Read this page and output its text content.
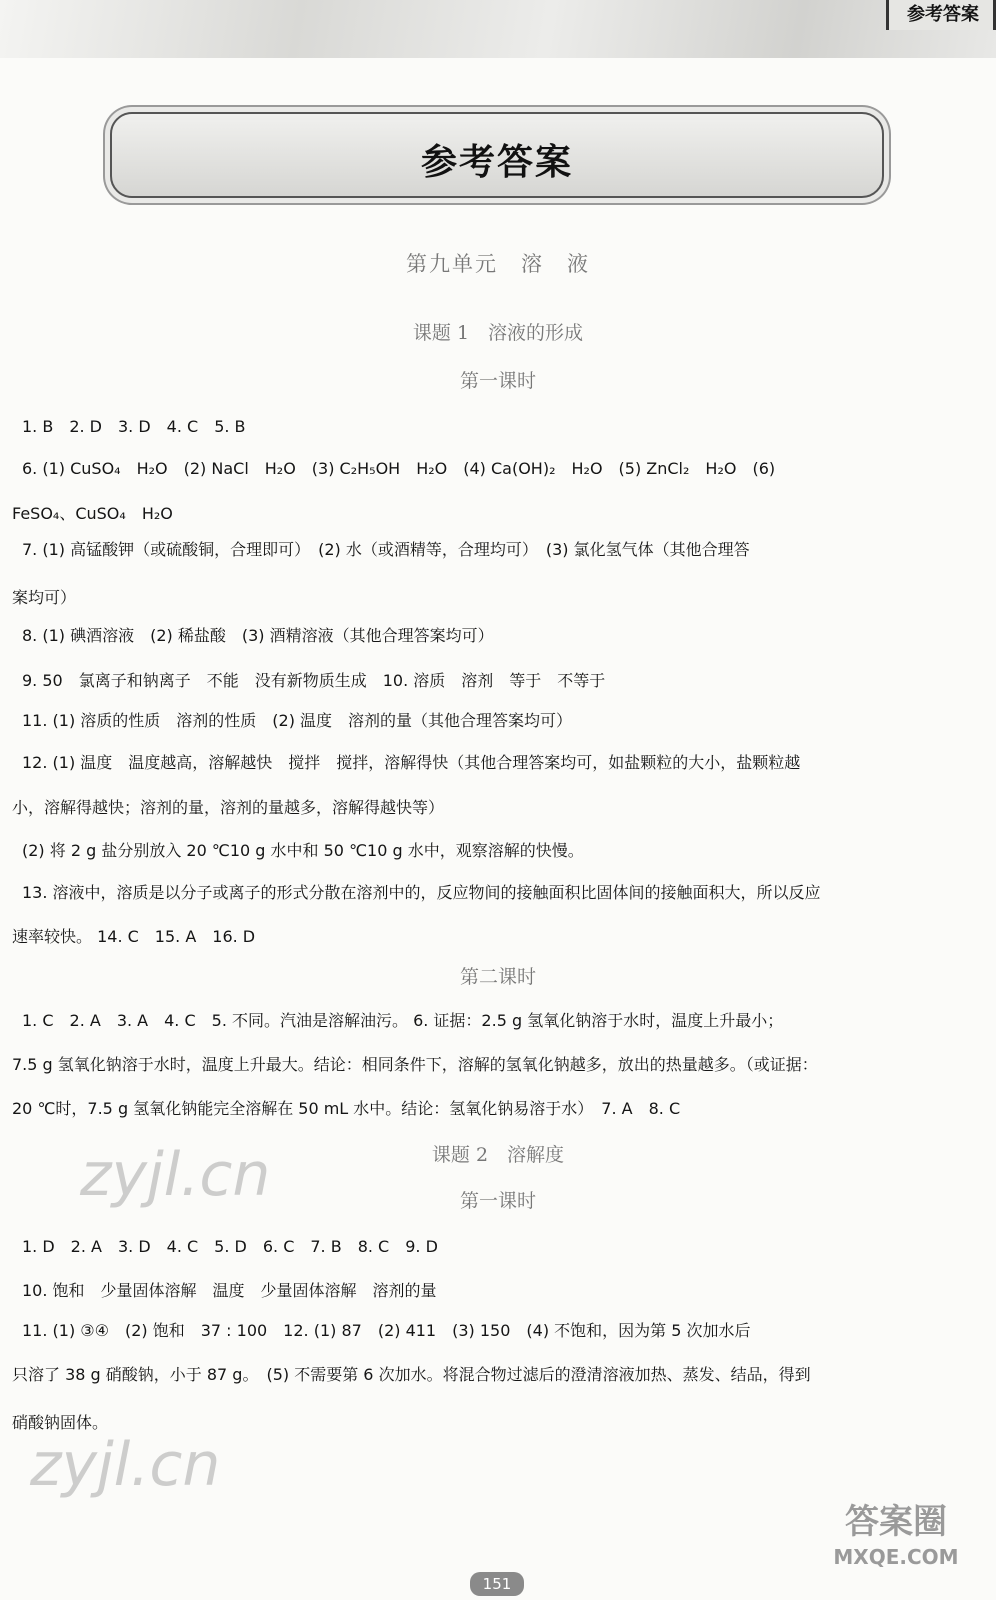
参考答案
参考答案
第九单元　溶　液
课题 1　溶液的形成
第一课时
1. B　2. D　3. D　4. C　5. B
6. (1) CuSO₄　H₂O　(2) NaCl　H₂O　(3) C₂H₅OH　H₂O　(4) Ca(OH)₂　H₂O　(5) ZnCl₂　H₂O　(6)
FeSO₄、CuSO₄　H₂O
7. (1) 高锰酸钾（或硫酸铜，合理即可）　(2) 水（或酒精等，合理均可）　(3) 氯化氢气体（其他合理答
案均可）
8. (1) 碘酒溶液　(2) 稀盐酸　(3) 酒精溶液（其他合理答案均可）
9. 50　氯离子和钠离子　不能　没有新物质生成　10. 溶质　溶剂　等于　不等于
11. (1) 溶质的性质　溶剂的性质　(2) 温度　溶剂的量（其他合理答案均可）
12. (1) 温度　温度越高，溶解越快　搅拌　搅拌，溶解得快（其他合理答案均可，如盐颗粒的大小，盐颗粒越
小，溶解得越快；溶剂的量，溶剂的量越多，溶解得越快等）
(2) 将 2 g 盐分别放入 20 ℃10 g 水中和 50 ℃10 g 水中，观察溶解的快慢。
13. 溶液中，溶质是以分子或离子的形式分散在溶剂中的，反应物间的接触面积比固体间的接触面积大，所以反应
速率较快。 14. C　15. A　16. D
第二课时
1. C　2. A　3. A　4. C　5. 不同。汽油是溶解油污。 6. 证据：2.5 g 氢氧化钠溶于水时，温度上升最小；
7.5 g 氢氧化钠溶于水时，温度上升最大。结论：相同条件下，溶解的氢氧化钠越多，放出的热量越多。（或证据：
20 ℃时，7.5 g 氢氧化钠能完全溶解在 50 mL 水中。结论：氢氧化钠易溶于水）　7. A　8. C
课题 2　溶解度
第一课时
1. D　2. A　3. D　4. C　5. D　6. C　7. B　8. C　9. D
10. 饱和　少量固体溶解　温度　少量固体溶解　溶剂的量
11. (1) ③④　(2) 饱和　37 : 100　12. (1) 87　(2) 411　(3) 150　(4) 不饱和，因为第 5 次加水后
只溶了 38 g 硝酸钠，小于 87 g。　(5) 不需要第 6 次加水。将混合物过滤后的澄清溶液加热、蒸发、结品，得到
硝酸钠固体。
zyjl.cn
zyjl.cn
答案圈
MXQE.COM
151
